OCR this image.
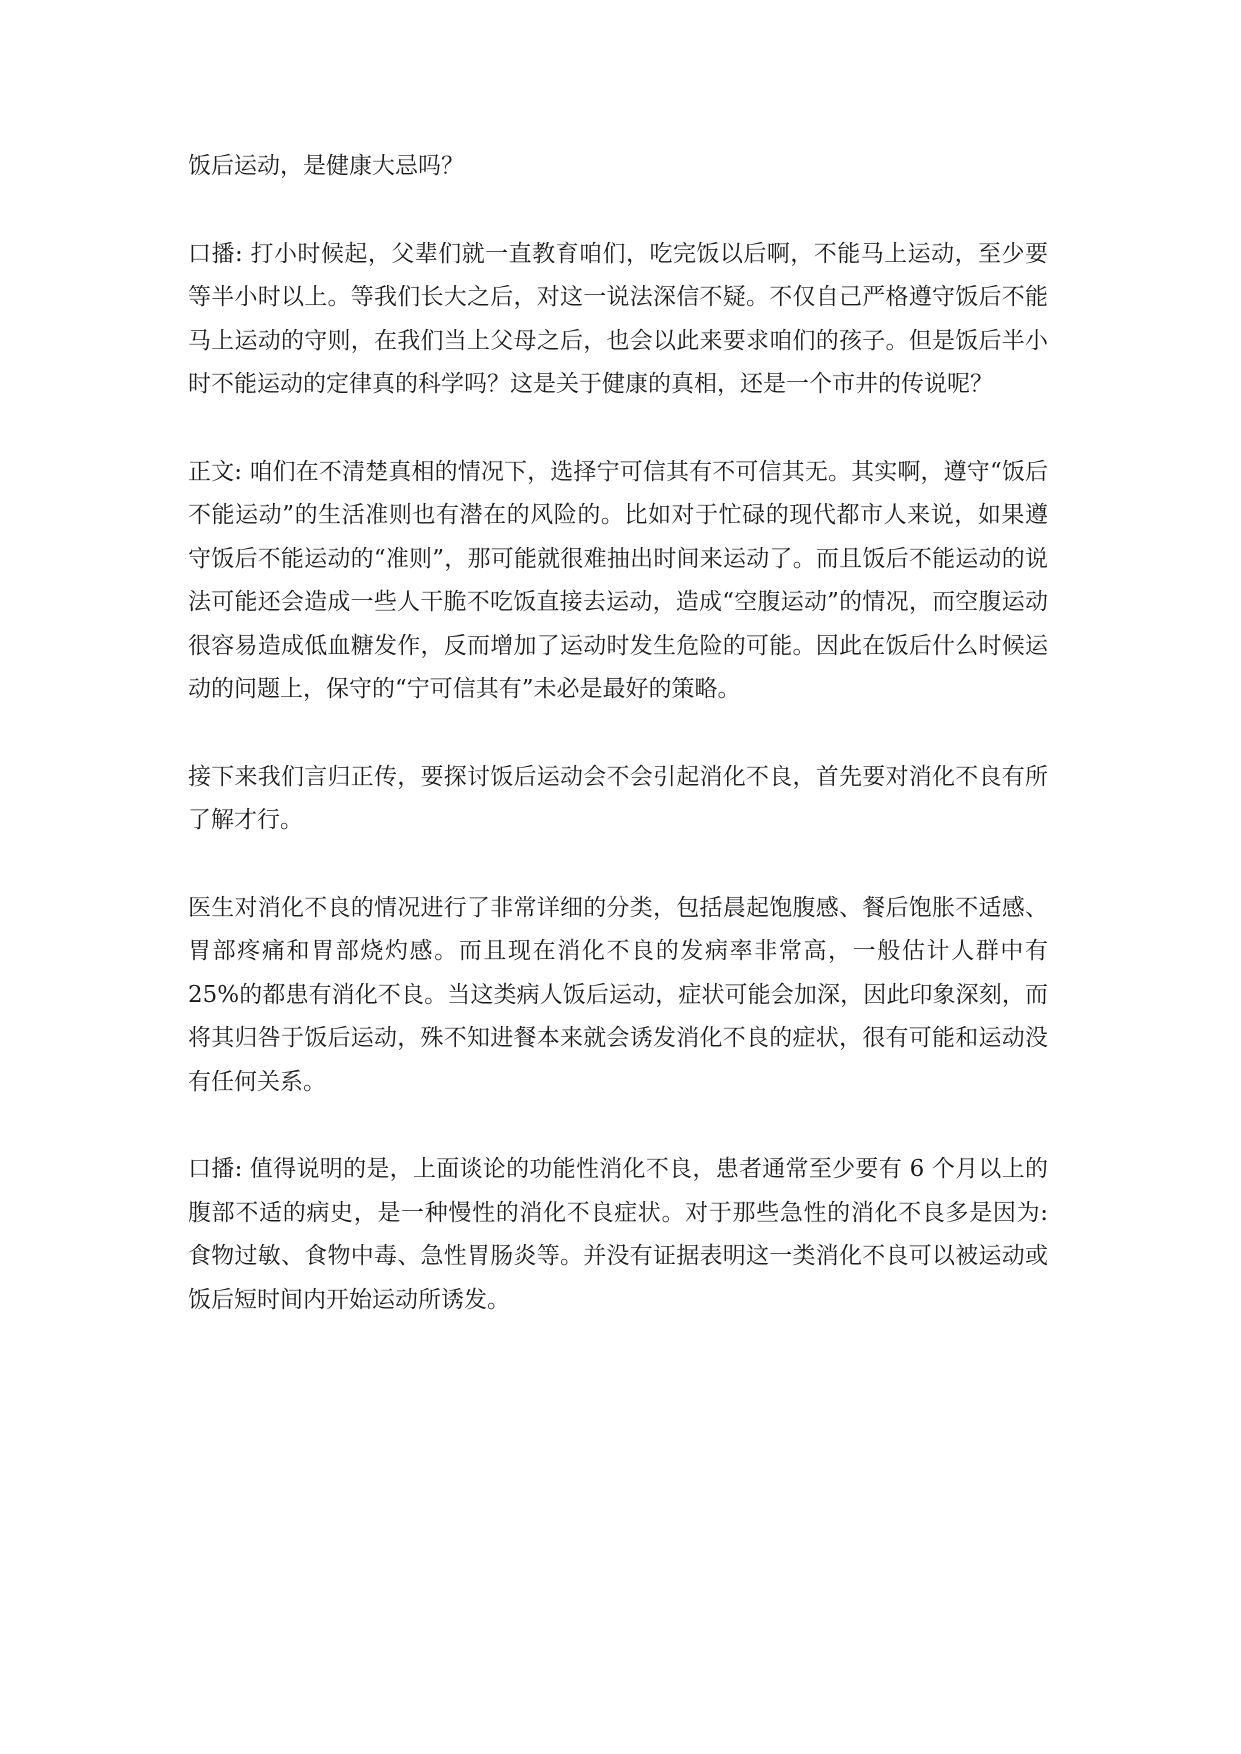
饭后运动，是健康大忌吗？

口播: 打小时候起，父辈们就一直教育咱们，吃完饭以后啊，不能马上运动，至少要等半小时以上。等我们长大之后，对这一说法深信不疑。不仅自己严格遵守饭后不能马上运动的守则，在我们当上父母之后，也会以此来要求咱们的孩子。但是饭后半小时不能运动的定律真的科学吗？这是关于健康的真相，还是一个市井的传说呢？

正文: 咱们在不清楚真相的情况下，选择宁可信其有不可信其无。其实啊，遵守“饭后不能运动”的生活准则也有潜在的风险的。比如对于忙碌的现代都市人来说，如果遵守饭后不能运动的“准则”，那可能就很难抽出时间来运动了。而且饭后不能运动的说法可能还会造成一些人干脆不吃饭直接去运动，造成“空腹运动”的情况，而空腹运动很容易造成低血糖发作，反而增加了运动时发生危险的可能。因此在饭后什么时候运动的问题上，保守的“宁可信其有”未必是最好的策略。

接下来我们言归正传，要探讨饭后运动会不会引起消化不良，首先要对消化不良有所了解才行。

医生对消化不良的情况进行了非常详细的分类，包括晨起饱腹感、餐后饱胀不适感、胃部疼痛和胃部烧灼感。而且现在消化不良的发病率非常高，一般估计人群中有 25%的都患有消化不良。当这类病人饭后运动，症状可能会加深，因此印象深刻，而将其归咎于饭后运动，殊不知进餐本来就会诱发消化不良的症状，很有可能和运动没有任何关系。

口播: 值得说明的是，上面谈论的功能性消化不良，患者通常至少要有 6 个月以上的腹部不适的病史，是一种慢性的消化不良症状。对于那些急性的消化不良多是因为: 食物过敏、食物中毒、急性胃肠炎等。并没有证据表明这一类消化不良可以被运动或饭后短时间内开始运动所诱发。
